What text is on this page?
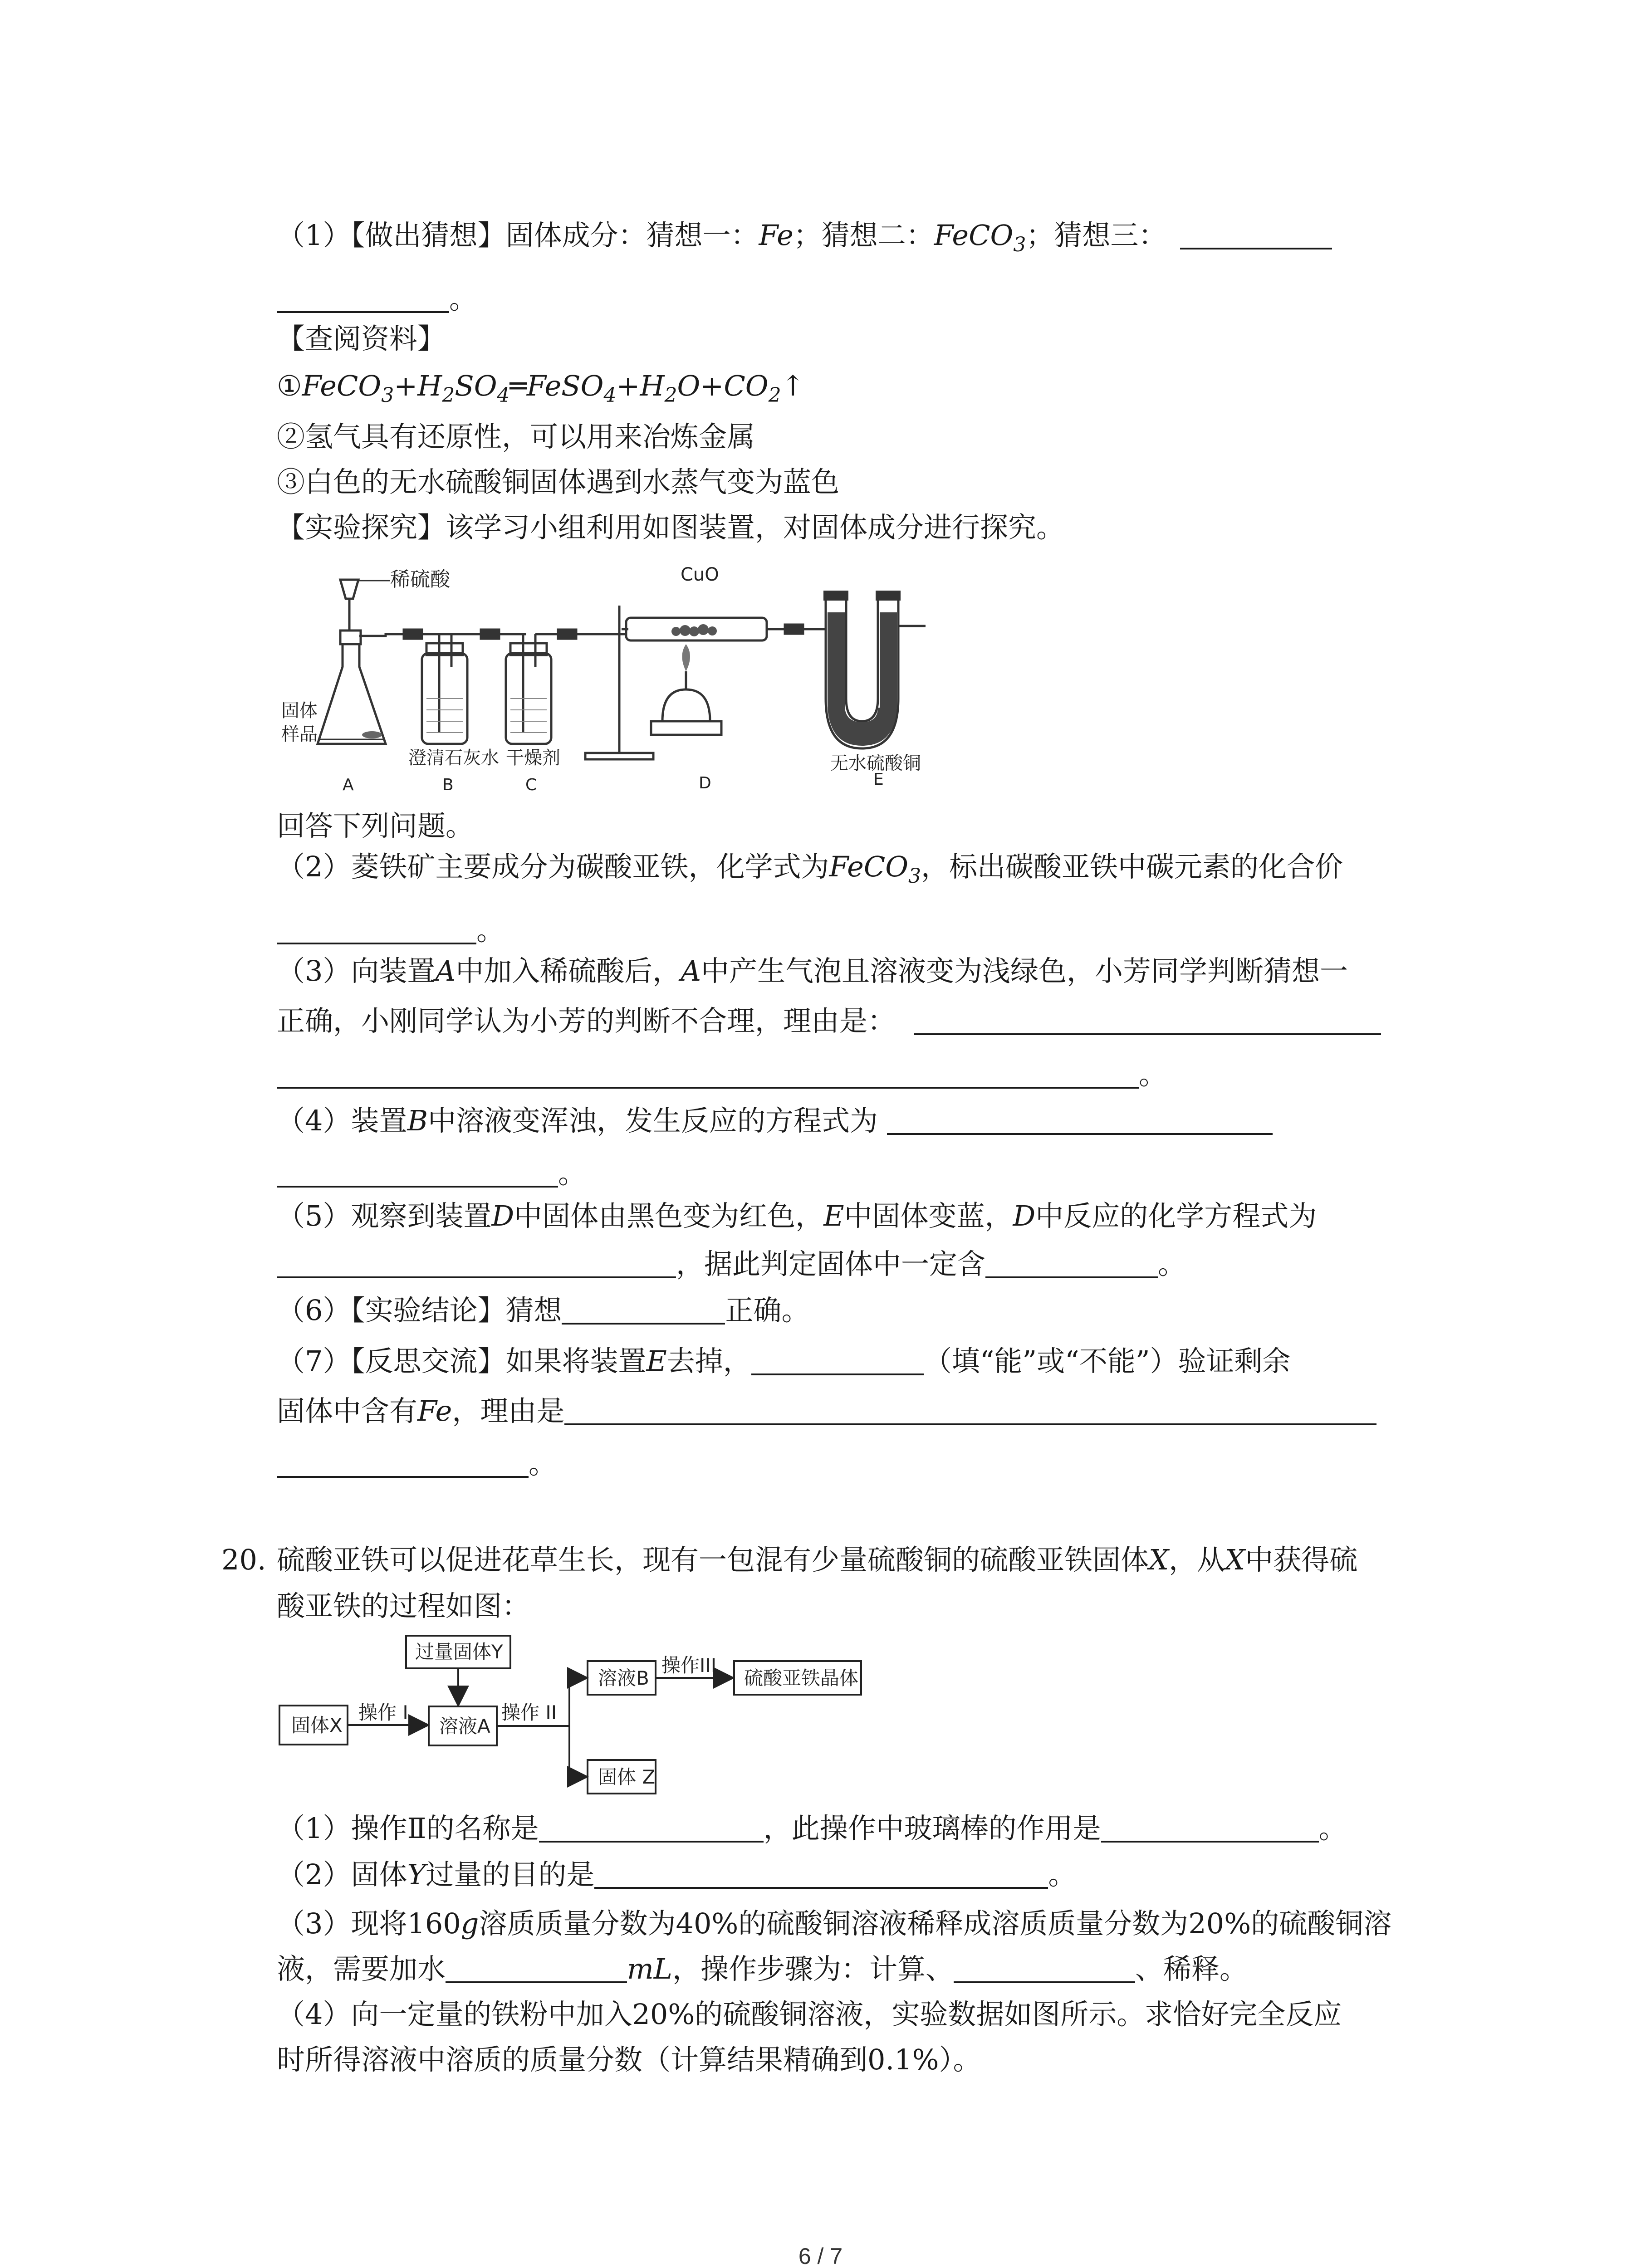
（1）【做出猜想】固体成分：猜想一：Fe；猜想二：FeCO$_3$；猜想三：
。
【查阅资料】
$①FeCO_3+H_2SO_4═FeSO_4+H_2O+CO_2↑$
②氢气具有还原性，可以用来冶炼金属
③白色的无水硫酸铜固体遇到水蒸气变为蓝色
【实验探究】该学习小组利用如图装置，对固体成分进行探究。
稀硫酸	CuO
固体
样品
澄清石灰水 干燥剂	无水硫酸铜
A	B	C	D	E
回答下列问题。
（2）菱铁矿主要成分为碳酸亚铁，化学式为FeCO$_3$，标出碳酸亚铁中碳元素的化合价
。
（3）向装置A中加入稀硫酸后，A中产生气泡且溶液变为浅绿色，小芳同学判断猜想一
正确，小刚同学认为小芳的判断不合理，理由是：
。
（4）装置B中溶液变浑浊，发生反应的方程式为
。
（5）观察到装置D中固体由黑色变为红色，E中固体变蓝，D中反应的化学方程式为
，据此判定固体中一定含	。
（6）【实验结论】猜想	正确。
（7）【反思交流】如果将装置E去掉，	（填“能”或“不能”）验证剩余
固体中含有Fe，理由是
。
20. 硫酸亚铁可以促进花草生长，现有一包混有少量硫酸铜的硫酸亚铁固体X，从X中获得硫
酸亚铁的过程如图：
固体X
操作 I
过量固体Y
溶液A
操作 II
溶液B
操作III
硫酸亚铁晶体
固体 Z
（1）操作Ⅱ的名称是	，此操作中玻璃棒的作用是	。
（2）固体Y过量的目的是	。
（3）现将160g溶质质量分数为40%的硫酸铜溶液稀释成溶质质量分数为20%的硫酸铜溶
液，需要加水	mL，操作步骤为：计算、	、稀释。
（4）向一定量的铁粉中加入20%的硫酸铜溶液，实验数据如图所示。求恰好完全反应
时所得溶液中溶质的质量分数（计算结果精确到0.1%）。
6 / 7
